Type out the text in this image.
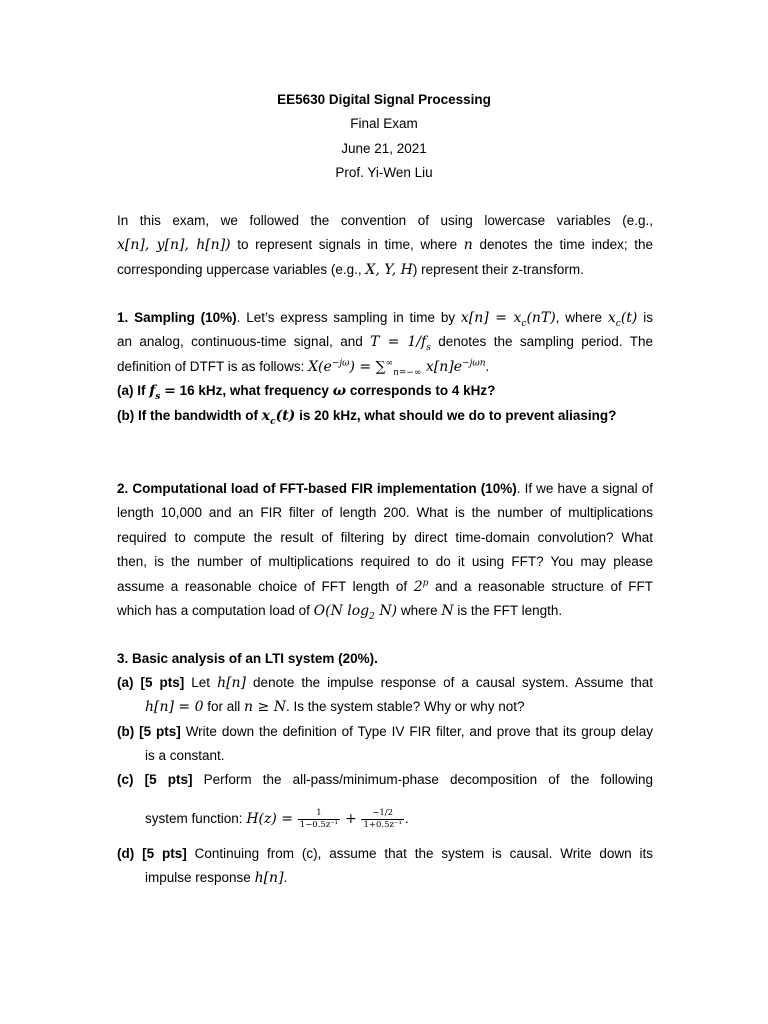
EE5630 Digital Signal Processing
Final Exam
June 21, 2021
Prof. Yi-Wen Liu
In this exam, we followed the convention of using lowercase variables (e.g.,
x[n], y[n], h[n]) to represent signals in time, where n denotes the time index; the
corresponding uppercase variables (e.g., X, Y, H) represent their z-transform.
1. Sampling (10%). Let’s express sampling in time by $x[n] = x_c(nT)$, where $x_c(t)$ is
an analog, continuous-time signal, and $T = 1/f_s$ denotes the sampling period. The
definition of DTFT is as follows: $X(e^{-j\omega}) = \sum^\infty_{n=-\infty}$ $x[n]e^{-j\omega n}$.
(a) If $f_s = 16$ kHz, what frequency ω corresponds to 4 kHz?
(b) If the bandwidth of $x_c(t)$ is 20 kHz, what should we do to prevent aliasing?
2. Computational load of FFT-based FIR implementation (10%). If we have a signal of
length 10,000 and an FIR filter of length 200. What is the number of multiplications
required to compute the result of filtering by direct time-domain convolution? What
then, is the number of multiplications required to do it using FFT? You may please
assume a reasonable choice of FFT length of 2$^p$ and a reasonable structure of FFT
which has a computation load of O(N $\log_2 N$) where N is the FFT length.
3. Basic analysis of an LTI system (20%).
(a) [5 pts] Let h[n] denote the impulse response of a causal system. Assume that
h[n] = 0 for all n ≥ N. Is the system stable? Why or why not?
(b) [5 pts] Write down the definition of Type IV FIR filter, and prove that its group delay
is a constant.
(c) [5 pts] Perform the all-pass/minimum-phase decomposition of the following
system function: $H(z) = \frac{1}{\text{1−0.5z⁻¹}} + \frac{-1/2}{\text{1+0.5z⁻¹}}$ .
(d) [5 pts] Continuing from (c), assume that the system is causal. Write down its
impulse response h[n].
